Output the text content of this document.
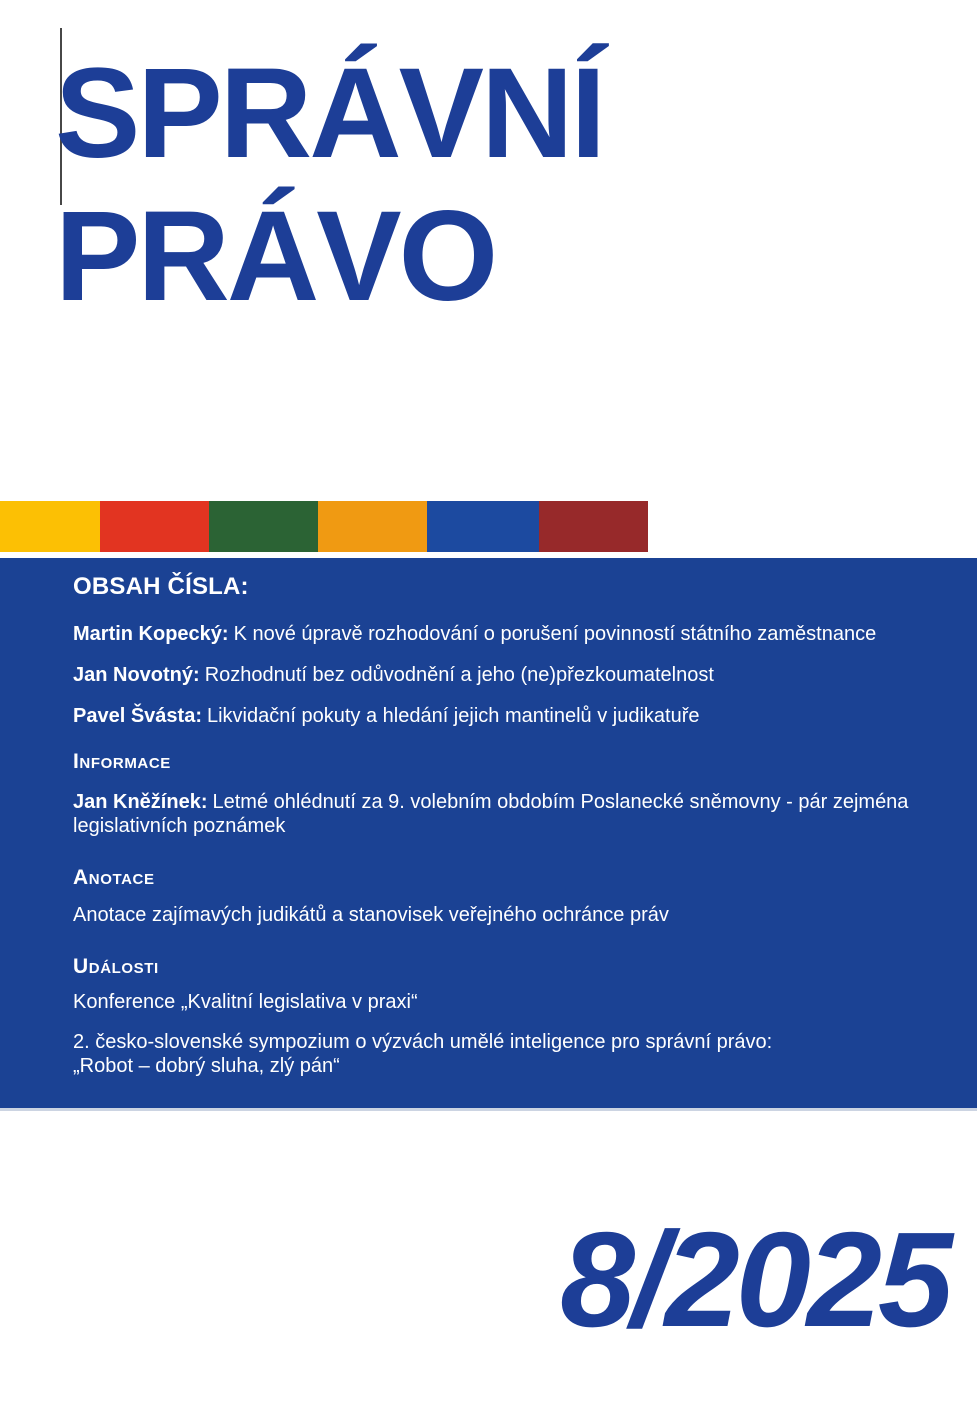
SPRÁVNÍ
PRÁVO
OBSAH ČÍSLA:

Martin Kopecký: K nové úpravě rozhodování o porušení povinností státního zaměstnance

Jan Novotný: Rozhodnutí bez odůvodnění a jeho (ne)přezkoumatelnost

Pavel Švásta: Likvidační pokuty a hledání jejich mantinelů v judikatuře

Informace

Jan Kněžínek: Letmé ohlédnutí za 9. volebním obdobím Poslanecké sněmovny - pár zejména
legislativních poznámek

Anotace

Anotace zajímavých judikátů a stanovisek veřejného ochránce práv

Události

Konference „Kvalitní legislativa v praxi“

2. česko-slovenské sympozium o výzvách umělé inteligence pro správní právo:
„Robot – dobrý sluha, zlý pán“

8/2025
